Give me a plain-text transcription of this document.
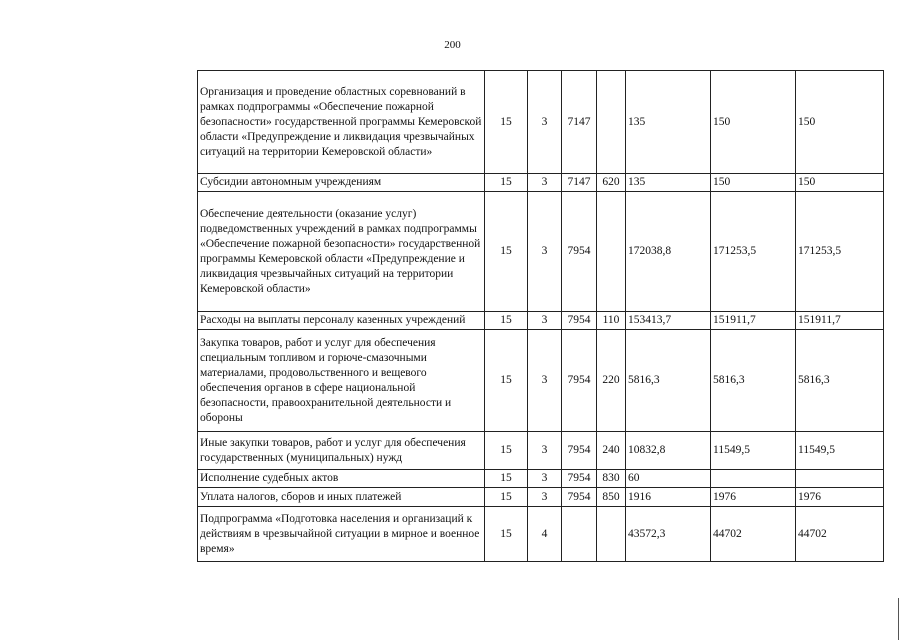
200
Организация и проведение областных соревнований в рамках подпрограммы «Обеспечение пожарной безопасности» государственной программы Кемеровской области «Предупреждение и ликвидация чрезвычайных ситуаций на территории Кемеровской области»	15	3	7147		135	150	150
Субсидии автономным учреждениям	15	3	7147	620	135	150	150
Обеспечение деятельности (оказание услуг) подведомственных учреждений в рамках подпрограммы «Обеспечение пожарной безопасности» государственной программы Кемеровской области «Предупреждение и ликвидация чрезвычайных ситуаций на территории Кемеровской области»	15	3	7954		172038,8	171253,5	171253,5
Расходы на выплаты персоналу казенных учреждений	15	3	7954	110	153413,7	151911,7	151911,7
Закупка товаров, работ и услуг для обеспечения специальным топливом и горюче-смазочными материалами, продовольственного и вещевого обеспечения органов в сфере национальной безопасности, правоохранительной деятельности и обороны	15	3	7954	220	5816,3	5816,3	5816,3
Иные закупки товаров, работ и услуг для обеспечения государственных (муниципальных) нужд	15	3	7954	240	10832,8	11549,5	11549,5
Исполнение судебных актов	15	3	7954	830	60		
Уплата налогов, сборов и иных платежей	15	3	7954	850	1916	1976	1976
Подпрограмма «Подготовка населения и организаций к действиям в чрезвычайной ситуации в мирное и военное время»	15	4			43572,3	44702	44702
